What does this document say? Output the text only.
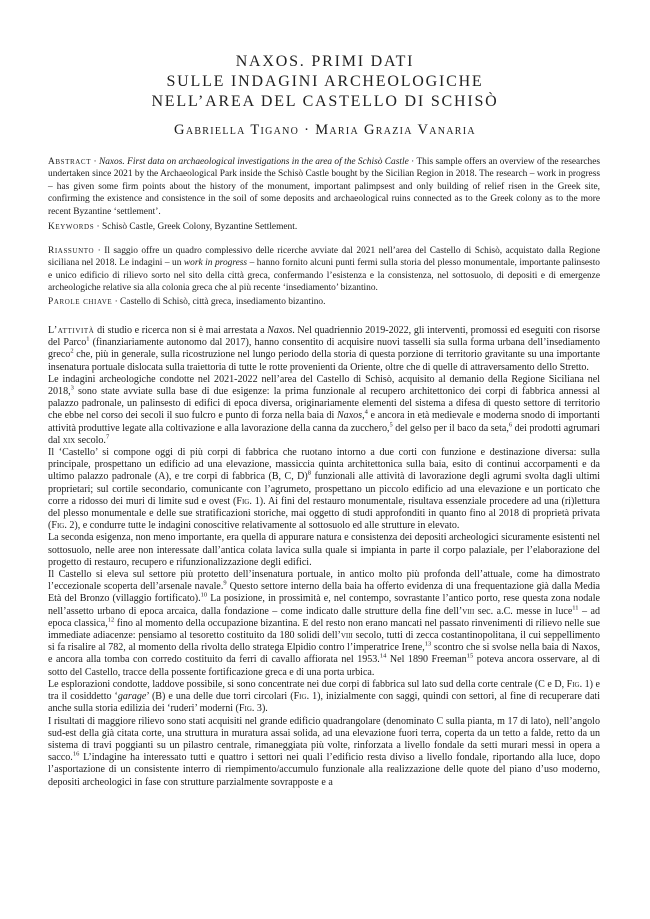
NAXOS. PRIMI DATI
SULLE INDAGINI ARCHEOLOGICHE
NELL’AREA DEL CASTELLO DI SCHISÒ
Gabriella Tigano · Maria Grazia Vanaria
Abstract · Naxos. First data on archaeological investigations in the area of the Schisò Castle · This sample offers an overview of the researches undertaken since 2021 by the Archaeological Park inside the Schisò Castle bought by the Sicilian Region in 2018. The research – work in progress – has given some firm points about the history of the monument, important palimpsest and only building of relief risen in the Greek site, confirming the existence and consistence in the soil of some deposits and archaeological ruins connected as to the Greek colony as to the more recent Byzantine ‘settlement’.
Keywords · Schisò Castle, Greek Colony, Byzantine Settlement.
Riassunto · Il saggio offre un quadro complessivo delle ricerche avviate dal 2021 nell’area del Castello di Schisò, acquistato dalla Regione siciliana nel 2018. Le indagini – un work in progress – hanno fornito alcuni punti fermi sulla storia del plesso monumentale, importante palinsesto e unico edificio di rilievo sorto nel sito della città greca, confermando l’esistenza e la consistenza, nel sottosuolo, di depositi e di emergenze archeologiche relative sia alla colonia greca che al più recente ‘insediamento’ bizantino.
Parole chiave · Castello di Schisò, città greca, insediamento bizantino.

L’attività di studio e ricerca non si è mai arrestata a Naxos. Nel quadriennio 2019-2022, gli interventi, promossi ed eseguiti con risorse del Parco$^1$ (finanziariamente autonomo dal 2017), hanno consentito di acquisire nuovi tasselli sia sulla forma urbana dell’insediamento greco$^2$ che, più in generale, sulla ricostruzione nel lungo periodo della storia di questa porzione di territorio gravitante su una importante insenatura portuale dislocata sulla traiettoria di tutte le rotte provenienti da Oriente, oltre che di quelle di attraversamento dello Stretto.

Le indagini archeologiche condotte nel 2021-2022 nell’area del Castello di Schisò, acquisito al demanio della Regione Siciliana nel 2018,$^3$ sono state avviate sulla base di due esigenze: la prima funzionale al recupero architettonico dei corpi di fabbrica annessi al palazzo padronale, un palinsesto di edifici di epoca diversa, originariamente elementi del sistema a difesa di questo settore di territorio che ebbe nel corso dei secoli il suo fulcro e punto di forza nella baia di Naxos,$^4$ e ancora in età medievale e moderna snodo di importanti attività produttive legate alla coltivazione e alla lavorazione della canna da zucchero,$^5$ del gelso per il baco da seta,$^6$ dei prodotti agrumari dal xix secolo.$^7$

Il ‘Castello’ si compone oggi di più corpi di fabbrica che ruotano intorno a due corti con funzione e destinazione diversa: sulla principale, prospettano un edificio ad una elevazione, massiccia quinta architettonica sulla baia, esito di continui accorpamenti e da ultimo palazzo padronale (A), e tre corpi di fabbrica (B, C, D)$^8$ funzionali alle attività di lavorazione degli agrumi svolta dagli ultimi proprietari; sul cortile secondario, comunicante con l’agrumeto, prospettano un piccolo edificio ad una elevazione e un porticato che corre a ridosso dei muri di limite sud e ovest (Fig. 1). Ai fini del restauro monumentale, risultava essenziale procedere ad una (ri)lettura del plesso monumentale e delle sue stratificazioni storiche, mai oggetto di studi approfonditi in quanto fino al 2018 di proprietà privata (Fig. 2), e condurre tutte le indagini conoscitive relativamente al sottosuolo ed alle strutture in elevato.

La seconda esigenza, non meno importante, era quella di appurare natura e consistenza dei depositi archeologici sicuramente esistenti nel sottosuolo, nelle aree non interessate dall’antica colata lavica sulla quale si impianta in parte il corpo palaziale, per l’elaborazione del progetto di restauro, recupero e rifunzionalizzazione degli edifici.

Il Castello si eleva sul settore più protetto dell’insenatura portuale, in antico molto più profonda dell’attuale, come ha dimostrato l’eccezionale scoperta dell’arsenale navale.$^9$ Questo settore interno della baia ha offerto evidenza di una frequentazione già dalla Media Età del Bronzo (villaggio fortificato).$^{10}$ La posizione, in prossimità e, nel contempo, sovrastante l’antico porto, rese questa zona nodale nell’assetto urbano di epoca arcaica, dalla fondazione – come indicato dalle strutture della fine dell’viii sec. a.C. messe in luce$^{11}$ – ad epoca classica,$^{12}$ fino al momento della occupazione bizantina. E del resto non erano mancati nel passato rinvenimenti di rilievo nelle sue immediate adiacenze: pensiamo al tesoretto costituito da 180 solidi dell’viii secolo, tutti di zecca costantinopolitana, il cui seppellimento si fa risalire al 782, al momento della rivolta dello stratega Elpidio contro l’imperatrice Irene,$^{13}$ scontro che si svolse nella baia di Naxos, e ancora alla tomba con corredo costituito da ferri di cavallo affiorata nel 1953.14 Nel 1890 Freeman$^{15}$ poteva ancora osservare, al di sotto del Castello, tracce della possente fortificazione greca e di una porta urbica.

Le esplorazioni condotte, laddove possibile, si sono concentrate nei due corpi di fabbrica sul lato sud della corte centrale (C e D, Fig. 1) e tra il cosiddetto ‘garage’ (B) e una delle due torri circolari (Fig. 1), inizialmente con saggi, quindi con settori, al fine di recuperare dati anche sulla storia edilizia dei ‘ruderi’ moderni (Fig. 3).

I risultati di maggiore rilievo sono stati acquisiti nel grande edificio quadrangolare (denominato C sulla pianta, m 17 di lato), nell’angolo sud-est della già citata corte, una struttura in muratura assai solida, ad una elevazione fuori terra, coperta da un tetto a falde, retto da un sistema di travi poggianti su un pilastro centrale, rimaneggiata più volte, rinforzata a livello fondale da setti murari messi in opera a sacco.$^{16}$ L’indagine ha interessato tutti e quattro i settori nei quali l’edificio resta diviso a livello fondale, riportando alla luce, dopo l’asportazione di un consistente interro di riempimento/accumulo funzionale alla realizzazione delle quote del piano d’uso moderno, depositi archeologici in fase con strutture parzialmente sovrapposte e a
